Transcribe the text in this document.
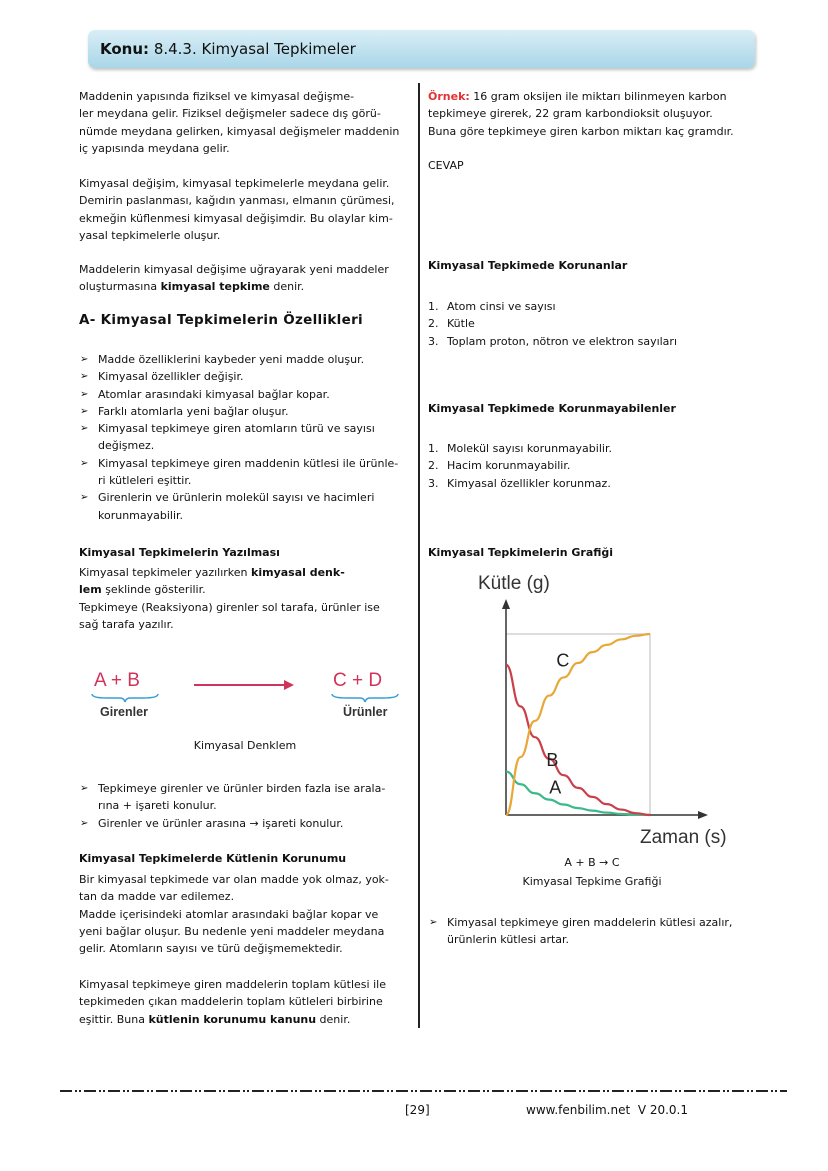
Konu: 8.4.3. Kimyasal Tepkimeler
Maddenin yapısında fiziksel ve kimyasal değişme-
ler meydana gelir. Fiziksel değişmeler sadece dış görü-
nümde meydana gelirken, kimyasal değişmeler maddenin
iç yapısında meydana gelir.
Kimyasal değişim, kimyasal tepkimelerle meydana gelir.
Demirin paslanması, kağıdın yanması, elmanın çürümesi,
ekmeğin küflenmesi kimyasal değişimdir. Bu olaylar kim-
yasal tepkimelerle oluşur.
Maddelerin kimyasal değişime uğrayarak yeni maddeler
oluşturmasına kimyasal tepkime denir.
A- Kimyasal Tepkimelerin Özellikleri
➢ Madde özelliklerini kaybeder yeni madde oluşur.
➢ Kimyasal özellikler değişir.
➢ Atomlar arasındaki kimyasal bağlar kopar.
➢ Farklı atomlarla yeni bağlar oluşur.
➢ Kimyasal tepkimeye giren atomların türü ve sayısı
değişmez.
➢ Kimyasal tepkimeye giren maddenin kütlesi ile ürünle-
ri kütleleri eşittir.
➢ Girenlerin ve ürünlerin molekül sayısı ve hacimleri
korunmayabilir.
Kimyasal Tepkimelerin Yazılması
Kimyasal tepkimeler yazılırken kimyasal denk-
lem şeklinde gösterilir.
Tepkimeye (Reaksiyona) girenler sol tarafa, ürünler ise
sağ tarafa yazılır.
A + B
Girenler
C + D
Ürünler
Kimyasal Denklem
➢ Tepkimeye girenler ve ürünler birden fazla ise arala-
rına + işareti konulur.
➢ Girenler ve ürünler arasına → işareti konulur.
Kimyasal Tepkimelerde Kütlenin Korunumu
Bir kimyasal tepkimede var olan madde yok olmaz, yok-
tan da madde var edilemez.
Madde içerisindeki atomlar arasındaki bağlar kopar ve
yeni bağlar oluşur. Bu nedenle yeni maddeler meydana
gelir. Atomların sayısı ve türü değişmemektedir.
Kimyasal tepkimeye giren maddelerin toplam kütlesi ile
tepkimeden çıkan maddelerin toplam kütleleri birbirine
eşittir. Buna kütlenin korunumu kanunu denir.
Örnek: 16 gram oksijen ile miktarı bilinmeyen karbon
tepkimeye girerek, 22 gram karbondioksit oluşuyor.
Buna göre tepkimeye giren karbon miktarı kaç gramdır.
CEVAP
Kimyasal Tepkimede Korunanlar
1. Atom cinsi ve sayısı
2. Kütle
3. Toplam proton, nötron ve elektron sayıları
Kimyasal Tepkimede Korunmayabilenler
1. Molekül sayısı korunmayabilir.
2. Hacim korunmayabilir.
3. Kimyasal özellikler korunmaz.
Kimyasal Tepkimelerin Grafiği
Kütle (g)
Zaman (s)
A
B
C
A + B → C
Kimyasal Tepkime Grafiği
➢ Kimyasal tepkimeye giren maddelerin kütlesi azalır,
ürünlerin kütlesi artar.
[29]	www.fenbilim.net  V 20.0.1
